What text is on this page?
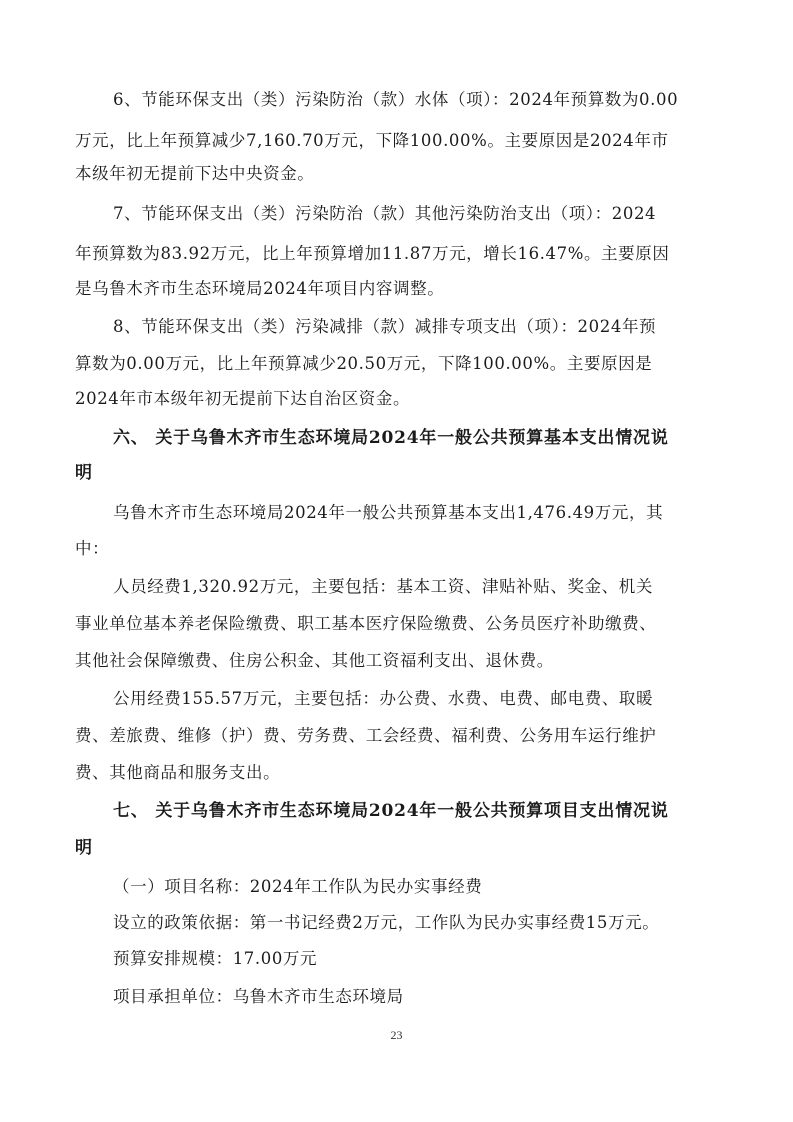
6、节能环保支出（类）污染防治（款）水体（项）：2024年预算数为0.00
万元，比上年预算减少7,160.70万元，下降100.00%。主要原因是2024年市
本级年初无提前下达中央资金。
7、节能环保支出（类）污染防治（款）其他污染防治支出（项）：2024
年预算数为83.92万元，比上年预算增加11.87万元，增长16.47%。主要原因
是乌鲁木齐市生态环境局2024年项目内容调整。
8、节能环保支出（类）污染减排（款）减排专项支出（项）：2024年预
算数为0.00万元，比上年预算减少20.50万元，下降100.00%。主要原因是
2024年市本级年初无提前下达自治区资金。
六、 关于乌鲁木齐市生态环境局2024年一般公共预算基本支出情况说
明
乌鲁木齐市生态环境局2024年一般公共预算基本支出1,476.49万元，其
中：
人员经费1,320.92万元，主要包括：基本工资、津贴补贴、奖金、机关
事业单位基本养老保险缴费、职工基本医疗保险缴费、公务员医疗补助缴费、
其他社会保障缴费、住房公积金、其他工资福利支出、退休费。
公用经费155.57万元，主要包括：办公费、水费、电费、邮电费、取暖
费、差旅费、维修（护）费、劳务费、工会经费、福利费、公务用车运行维护
费、其他商品和服务支出。
七、 关于乌鲁木齐市生态环境局2024年一般公共预算项目支出情况说
明
（一）项目名称：2024年工作队为民办实事经费
设立的政策依据：第一书记经费2万元，工作队为民办实事经费15万元。
预算安排规模：17.00万元
项目承担单位：乌鲁木齐市生态环境局
23
